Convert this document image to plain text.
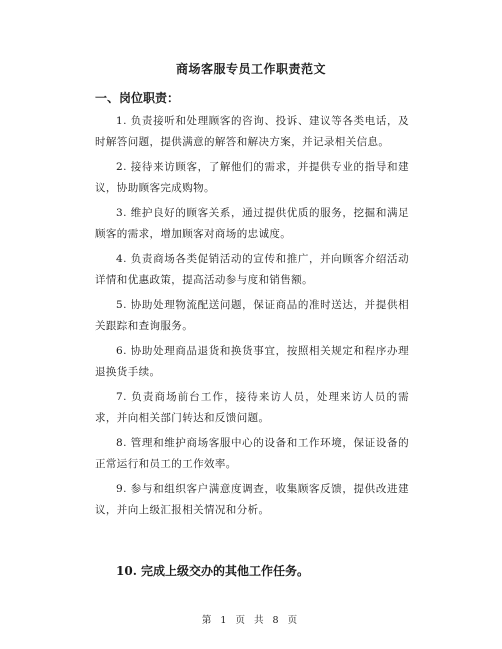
商场客服专员工作职责范文
一、岗位职责：

1. 负责接听和处理顾客的咨询、投诉、建议等各类电话，及时解答问题，提供满意的解答和解决方案，并记录相关信息。

2. 接待来访顾客，了解他们的需求，并提供专业的指导和建议，协助顾客完成购物。

3. 维护良好的顾客关系，通过提供优质的服务，挖掘和满足顾客的需求，增加顾客对商场的忠诚度。

4. 负责商场各类促销活动的宣传和推广，并向顾客介绍活动详情和优惠政策，提高活动参与度和销售额。

5. 协助处理物流配送问题，保证商品的准时送达，并提供相关跟踪和查询服务。

6. 协助处理商品退货和换货事宜，按照相关规定和程序办理退换货手续。

7. 负责商场前台工作，接待来访人员，处理来访人员的需求，并向相关部门转达和反馈问题。

8. 管理和维护商场客服中心的设备和工作环境，保证设备的正常运行和员工的工作效率。

9. 参与和组织客户满意度调查，收集顾客反馈，提供改进建议，并向上级汇报相关情况和分析。

10. 完成上级交办的其他工作任务。
第 1 页 共 8 页
